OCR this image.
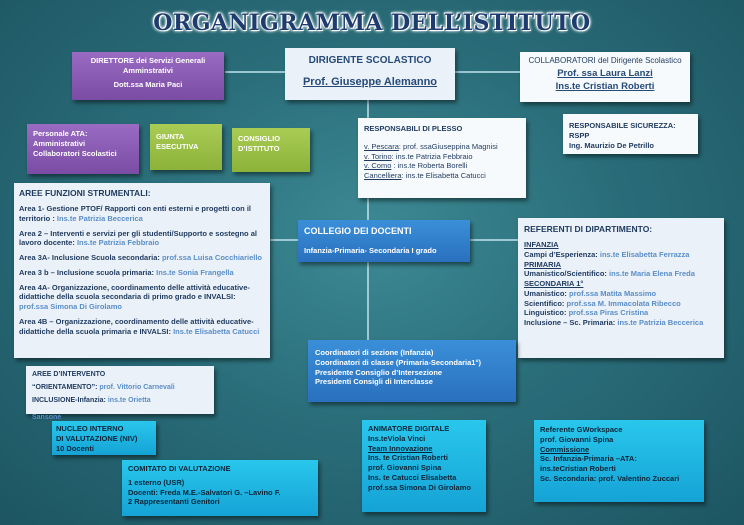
ORGANIGRAMMA DELL’ISTITUTO
DIRETTORE dei Servizi Generali Amminstrativi
Dott.ssa Maria Paci
DIRIGENTE SCOLASTICO
Prof. Giuseppe Alemanno
COLLABORATORI del Dirigente Scolastico
Prof. ssa Laura Lanzi
Ins.te Cristian Roberti
Personale ATA:
Amministrativi
Collaboratori Scolastici
GIUNTA
ESECUTIVA
CONSIGLIO
D’ISTITUTO
RESPONSABILI DI PLESSO
v. Pescara: prof. ssaGiuseppina Magnisi
v. Torino: ins.te Patrizia Febbraio
v. Como : ins.te Roberta Borelli
Cancelliera: ins.te Elisabetta Catucci
RESPONSABILE SICUREZZA: RSPP
Ing. Maurizio De Petrillo
AREE FUNZIONI STRUMENTALI:
Area 1- Gestione PTOF/ Rapporti con enti esterni e progetti con il territorio : Ins.te Patrizia Beccerica
Area 2 – Interventi e servizi per gli studenti/Supporto e sostegno al lavoro docente: Ins.te Patrizia Febbraio
Area 3A- Inclusione Scuola secondaria: prof.ssa Luisa Cocchiariello
Area 3 b – Inclusione scuola primaria: Ins.te Sonia Frangella
Area 4A- Organizzazione, coordinamento delle attività educative-didattiche della scuola secondaria di primo grado e INVALSI: prof.ssa Simona Di Girolamo
Area 4B – Organizzazione, coordinamento delle attività educative-didattiche della scuola primaria e INVALSI: Ins.te Elisabetta Catucci
COLLEGIO DEI DOCENTI
Infanzia-Primaria- Secondaria I grado
REFERENTI DI DIPARTIMENTO:
INFANZIA
Campi d’Esperienza: ins.te Elisabetta Ferrazza
PRIMARIA
Umanistico/Scientifico: ins.te Maria Elena Freda
SECONDARIA 1°
Umanistico: prof.ssa Matita Massimo
Scientifico: prof.ssa M. Immacolata Ribecco
Linguistico: prof.ssa Piras Cristina
Inclusione – Sc. Primaria: ins.te Patrizia Beccerica
Coordinatori di sezione (Infanzia)
Coordinatori di classe (Primaria-Secondaria1°)
Presidente Consiglio d’Intersezione
Presidenti Consigli di Interclasse
AREE D’INTERVENTO
“ORIENTAMENTO”: prof. Vittorio Carnevali
INCLUSIONE-Infanzia: ins.te Orietta
Sansone
NUCLEO INTERNO
DI VALUTAZIONE (NIV)
10 Docenti
COMITATO DI VALUTAZIONE
1 esterno (USR)
Docenti: Freda M.E.-Salvatori G. –Lavino F.
2 Rappresentanti Genitori
ANIMATORE DIGITALE
Ins.teViola Vinci
Team Innovazione
Ins. te Cristian Roberti
prof. Giovanni Spina
Ins. te Catucci Elisabetta
prof.ssa Simona Di Girolamo
Referente GWorkspace
prof. Giovanni Spina
Commissione
Sc. Infanzia-Primaria –ATA:
ins.teCristian Roberti
Sc. Secondaria: prof. Valentino Zuccari
